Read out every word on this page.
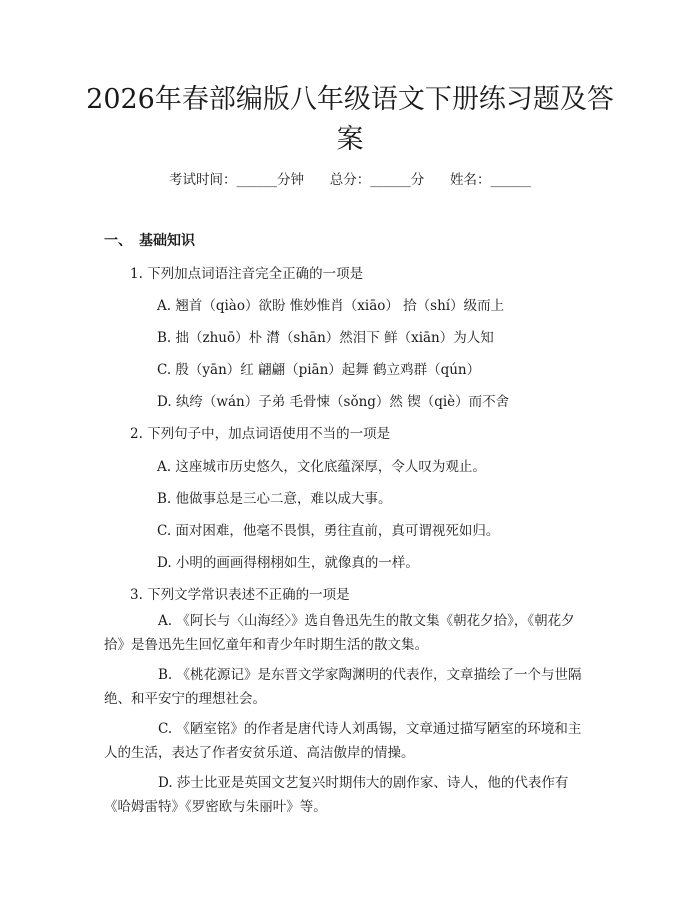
2026年春部编版八年级语文下册练习题及答案
考试时间：______分钟 总分：______分 姓名：______
一、　基础知识
1. 下列加点词语注音完全正确的一项是
A. 翘首（qiào）欲盼 惟妙惟肖（xiāo） 拾（shí）级而上
B. 拙（zhuō）朴 潸（shān）然泪下 鲜（xiān）为人知
C. 殷（yān）红 翩翩（piān）起舞 鹤立鸡群（qún）
D. 纨绔（wán）子弟 毛骨悚（sǒng）然 锲（qiè）而不舍
2. 下列句子中，加点词语使用不当的一项是
A. 这座城市历史悠久，文化底蕴深厚，令人叹为观止。
B. 他做事总是三心二意，难以成大事。
C. 面对困难，他毫不畏惧，勇往直前，真可谓视死如归。
D. 小明的画画得栩栩如生，就像真的一样。
3. 下列文学常识表述不正确的一项是
A. 《阿长与〈山海经〉》选自鲁迅先生的散文集《朝花夕拾》，《朝花夕拾》是鲁迅先生回忆童年和青少年时期生活的散文集。
B. 《桃花源记》是东晋文学家陶渊明的代表作，文章描绘了一个与世隔绝、和平安宁的理想社会。
C. 《陋室铭》的作者是唐代诗人刘禹锡，文章通过描写陋室的环境和主人的生活，表达了作者安贫乐道、高洁傲岸的情操。
D. 莎士比亚是英国文艺复兴时期伟大的剧作家、诗人，他的代表作有《哈姆雷特》《罗密欧与朱丽叶》等。
